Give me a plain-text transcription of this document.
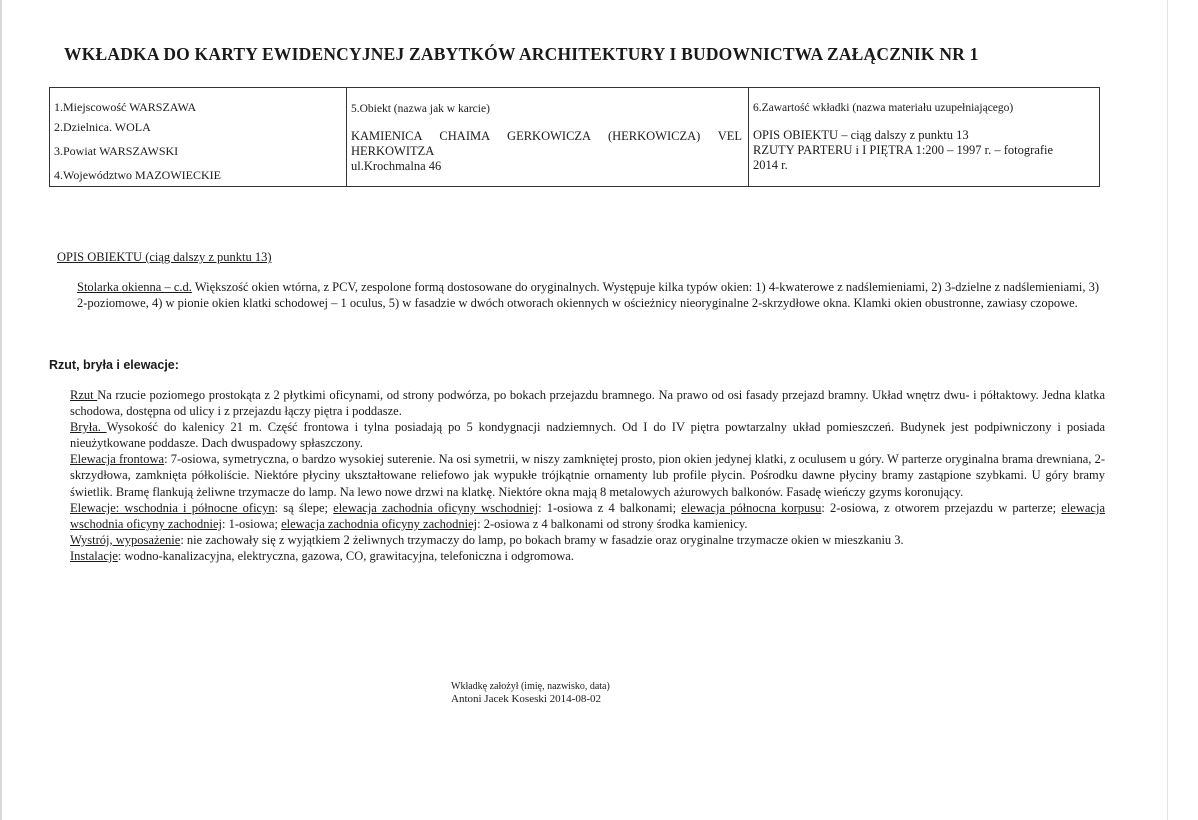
WKŁADKA DO KARTY EWIDENCYJNEJ ZABYTKÓW ARCHITEKTURY I BUDOWNICTWA ZAŁĄCZNIK NR 1
1.Miejscowość WARSZAWA
2.Dzielnica. WOLA
3.Powiat WARSZAWSKI
4.Województwo MAZOWIECKIE
5.Obiekt (nazwa jak w karcie)
KAMIENICA CHAIMA GERKOWICZA (HERKOWICZA) VEL
HERKOWITZA
ul.Krochmalna 46
6.Zawartość wkładki (nazwa materiału uzupełniającego)
OPIS OBIEKTU – ciąg dalszy z punktu 13
RZUTY PARTERU i I PIĘTRA 1:200 – 1997 r. – fotografie
2014 r.
OPIS OBIEKTU (ciąg dalszy z punktu 13)
Stolarka okienna – c.d. Większość okien wtórna, z PCV, zespolone formą dostosowane do oryginalnych. Występuje kilka typów okien: 1) 4-kwaterowe z nadślemieniami, 2) 3-dzielne z nadślemieniami, 3) 2-poziomowe, 4) w pionie okien klatki schodowej – 1 oculus, 5) w fasadzie w dwóch otworach okiennych w ościeżnicy nieoryginalne 2-skrzydłowe okna. Klamki okien obustronne, zawiasy czopowe.
Rzut, bryła i elewacje:

Rzut Na rzucie poziomego prostokąta z 2 płytkimi oficynami, od strony podwórza, po bokach przejazdu bramnego. Na prawo od osi fasady przejazd bramny. Układ wnętrz dwu- i półtaktowy. Jedna klatka schodowa, dostępna od ulicy i z przejazdu łączy piętra i poddasze.

Bryła. Wysokość do kalenicy 21 m. Część frontowa i tylna posiadają po 5 kondygnacji nadziemnych. Od I do IV piętra powtarzalny układ pomieszczeń. Budynek jest podpiwniczony i posiada nieużytkowane poddasze. Dach dwuspadowy spłaszczony.

Elewacja frontowa: 7-osiowa, symetryczna, o bardzo wysokiej suterenie. Na osi symetrii, w niszy zamkniętej prosto, pion okien jedynej klatki, z oculusem u góry. W parterze oryginalna brama drewniana, 2-skrzydłowa, zamknięta półkoliście. Niektóre płyciny ukształtowane reliefowo jak wypukłe trójkątnie ornamenty lub profile płycin. Pośrodku dawne płyciny bramy zastąpione szybkami. U góry bramy świetlik. Bramę flankują żeliwne trzymacze do lamp. Na lewo nowe drzwi na klatkę. Niektóre okna mają 8 metalowych ażurowych balkonów. Fasadę wieńczy gzyms koronujący.

Elewacje: wschodnia i północne oficyn: są ślepe; elewacja zachodnia oficyny wschodniej: 1-osiowa z 4 balkonami; elewacja północna korpusu: 2-osiowa, z otworem przejazdu w parterze; elewacja wschodnia oficyny zachodniej: 1-osiowa; elewacja zachodnia oficyny zachodniej: 2-osiowa z 4 balkonami od strony środka kamienicy.

Wystrój, wyposażenie: nie zachowały się z wyjątkiem 2 żeliwnych trzymaczy do lamp, po bokach bramy w fasadzie oraz oryginalne trzymacze okien w mieszkaniu 3.

Instalacje: wodno-kanalizacyjna, elektryczna, gazowa, CO, grawitacyjna, telefoniczna i odgromowa.

Wkładkę założył (imię, nazwisko, data)
Antoni Jacek Koseski 2014-08-02
